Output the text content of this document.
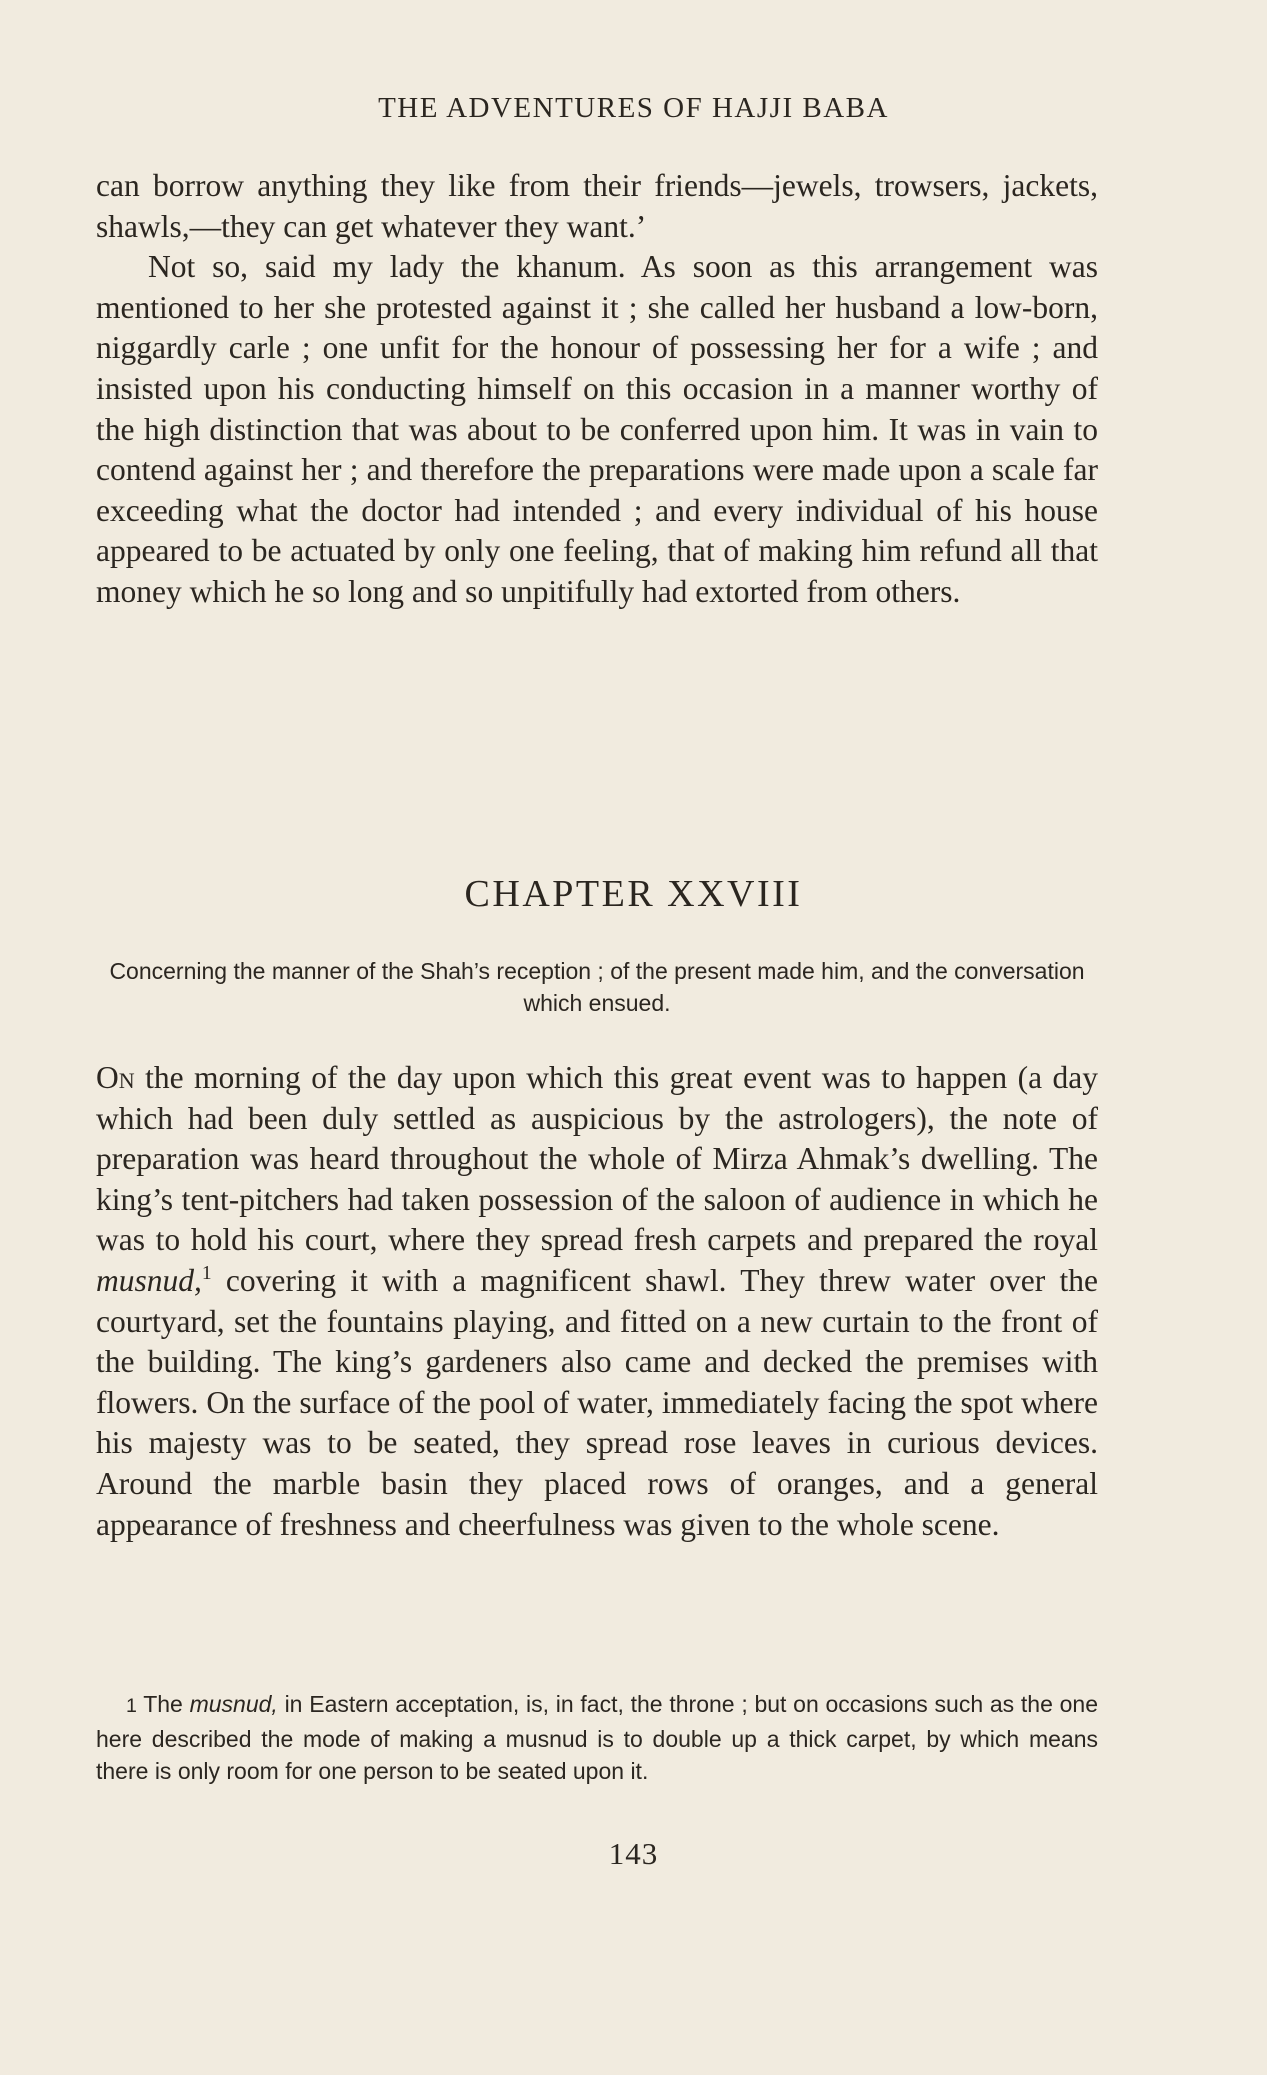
THE ADVENTURES OF HAJJI BABA

can borrow anything they like from their friends—jewels, trowsers, jackets, shawls,—they can get whatever they want.’

Not so, said my lady the khanum. As soon as this arrangement was mentioned to her she protested against it ; she called her husband a low-born, niggardly carle ; one unfit for the honour of possessing her for a wife ; and insisted upon his conducting himself on this occasion in a manner worthy of the high distinction that was about to be conferred upon him. It was in vain to contend against her ; and therefore the preparations were made upon a scale far exceeding what the doctor had intended ; and every individual of his house appeared to be actuated by only one feeling, that of making him refund all that money which he so long and so unpitifully had extorted from others.

CHAPTER XXVIII
Concerning the manner of the Shah’s reception ; of the present made him, and the conversation which ensued.

On the morning of the day upon which this great event was to happen (a day which had been duly settled as auspicious by the astrologers), the note of preparation was heard throughout the whole of Mirza Ahmak’s dwelling. The king’s tent-pitchers had taken possession of the saloon of audience in which he was to hold his court, where they spread fresh carpets and prepared the royal musnud,$^1$ covering it with a magnificent shawl. They threw water over the courtyard, set the fountains playing, and fitted on a new curtain to the front of the building. The king’s gardeners also came and decked the premises with flowers. On the surface of the pool of water, immediately facing the spot where his majesty was to be seated, they spread rose leaves in curious devices. Around the marble basin they placed rows of oranges, and a general appearance of freshness and cheerfulness was given to the whole scene.

1 The musnud, in Eastern acceptation, is, in fact, the throne ; but on occasions such as the one here described the mode of making a musnud is to double up a thick carpet, by which means there is only room for one person to be seated upon it.

143
